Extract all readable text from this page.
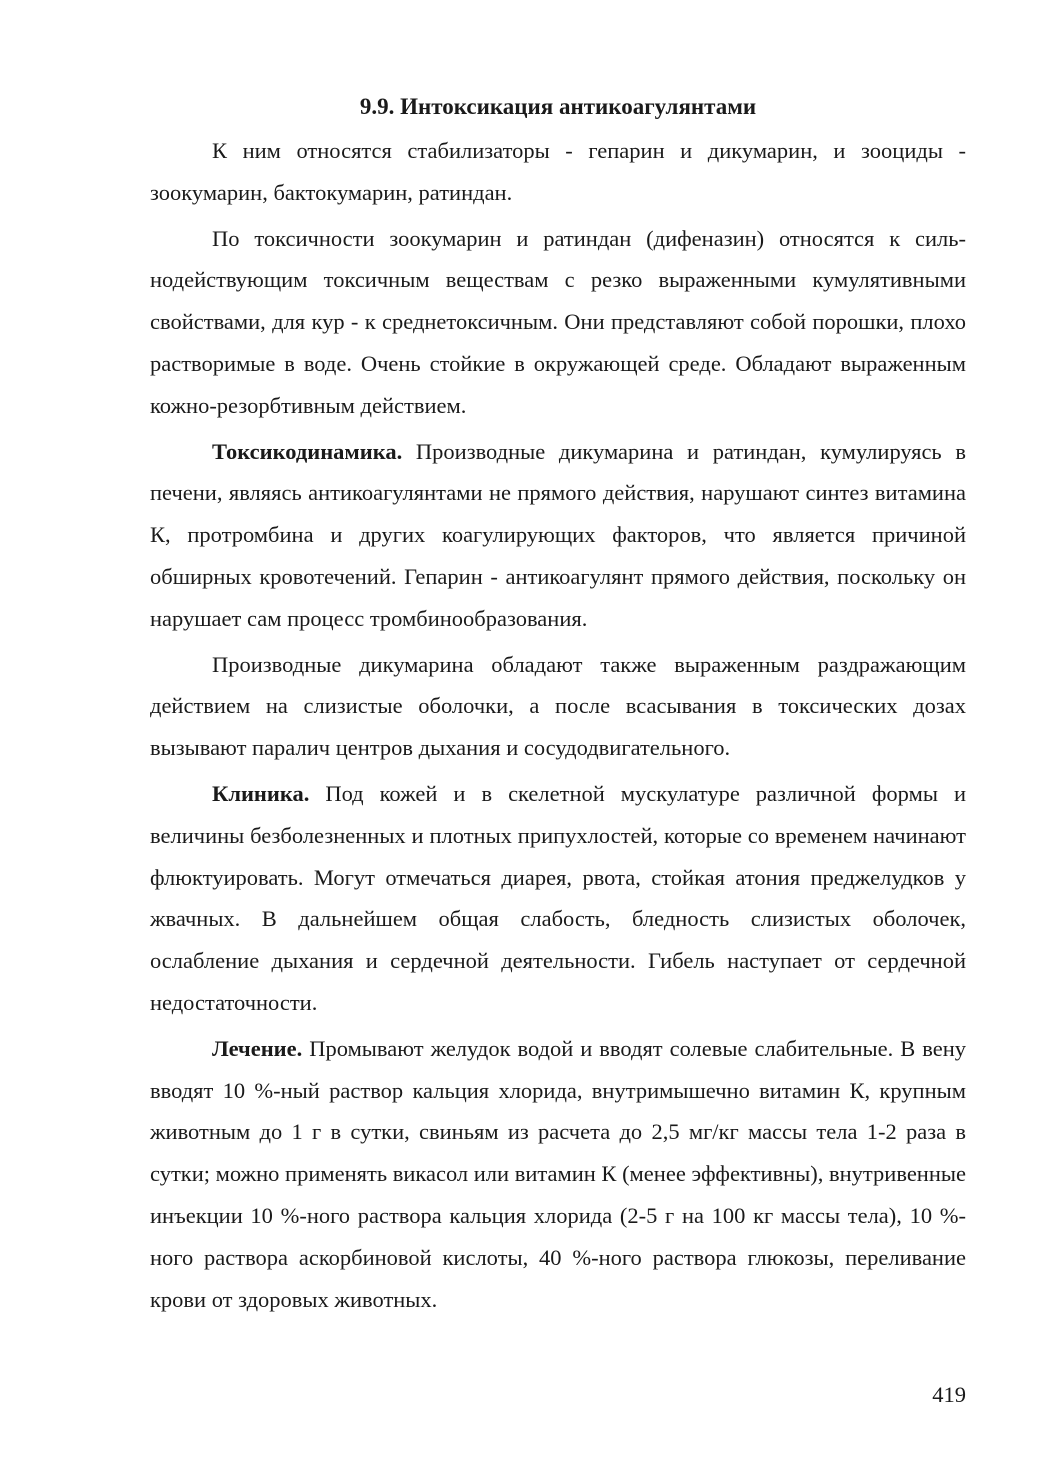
9.9. Интоксикация антикоагулянтами

К ним относятся стабилизаторы - гепарин и дикумарин, и зооциды - зоокумарин, бактокумарин, ратиндан.

По токсичности зоокумарин и ратиндан (дифеназин) относятся к сильнодействующим токсичным веществам с резко выраженными кумулятивными свойствами, для кур - к среднетоксичным. Они представляют собой порошки, плохо растворимые в воде. Очень стойкие в окружающей среде. Обладают выраженным кожно-резорбтивным действием.

Токсикодинамика. Производные дикумарина и ратиндан, кумулируясь в печени, являясь антикоагулянтами не прямого действия, нарушают синтез витамина К, протромбина и других коагулирующих факторов, что является причиной обширных кровотечений. Гепарин - антикоагулянт прямого действия, поскольку он нарушает сам процесс тромбинообразования.

Производные дикумарина обладают также выраженным раздражающим действием на слизистые оболочки, а после всасывания в токсических дозах вызывают паралич центров дыхания и сосудодвигательного.

Клиника. Под кожей и в скелетной мускулатуре различной формы и величины безболезненных и плотных припухлостей, которые со временем начинают флюктуировать. Могут отмечаться диарея, рвота, стойкая атония преджелудков у жвачных. В дальнейшем общая слабость, бледность слизистых оболочек, ослабление дыхания и сердечной деятельности. Гибель наступает от сердечной недостаточности.

Лечение. Промывают желудок водой и вводят солевые слабительные. В вену вводят 10 %-ный раствор кальция хлорида, внутримышечно витамин К, крупным животным до 1 г в сутки, свиньям из расчета до 2,5 мг/кг массы тела 1-2 раза в сутки; можно применять викасол или витамин К (менее эффективны), внутривенные инъекции 10 %-ного раствора кальция хлорида (2-5 г на 100 кг массы тела), 10 %-ного раствора аскорбиновой кислоты, 40 %-ного раствора глюкозы, переливание крови от здоровых животных.

419
